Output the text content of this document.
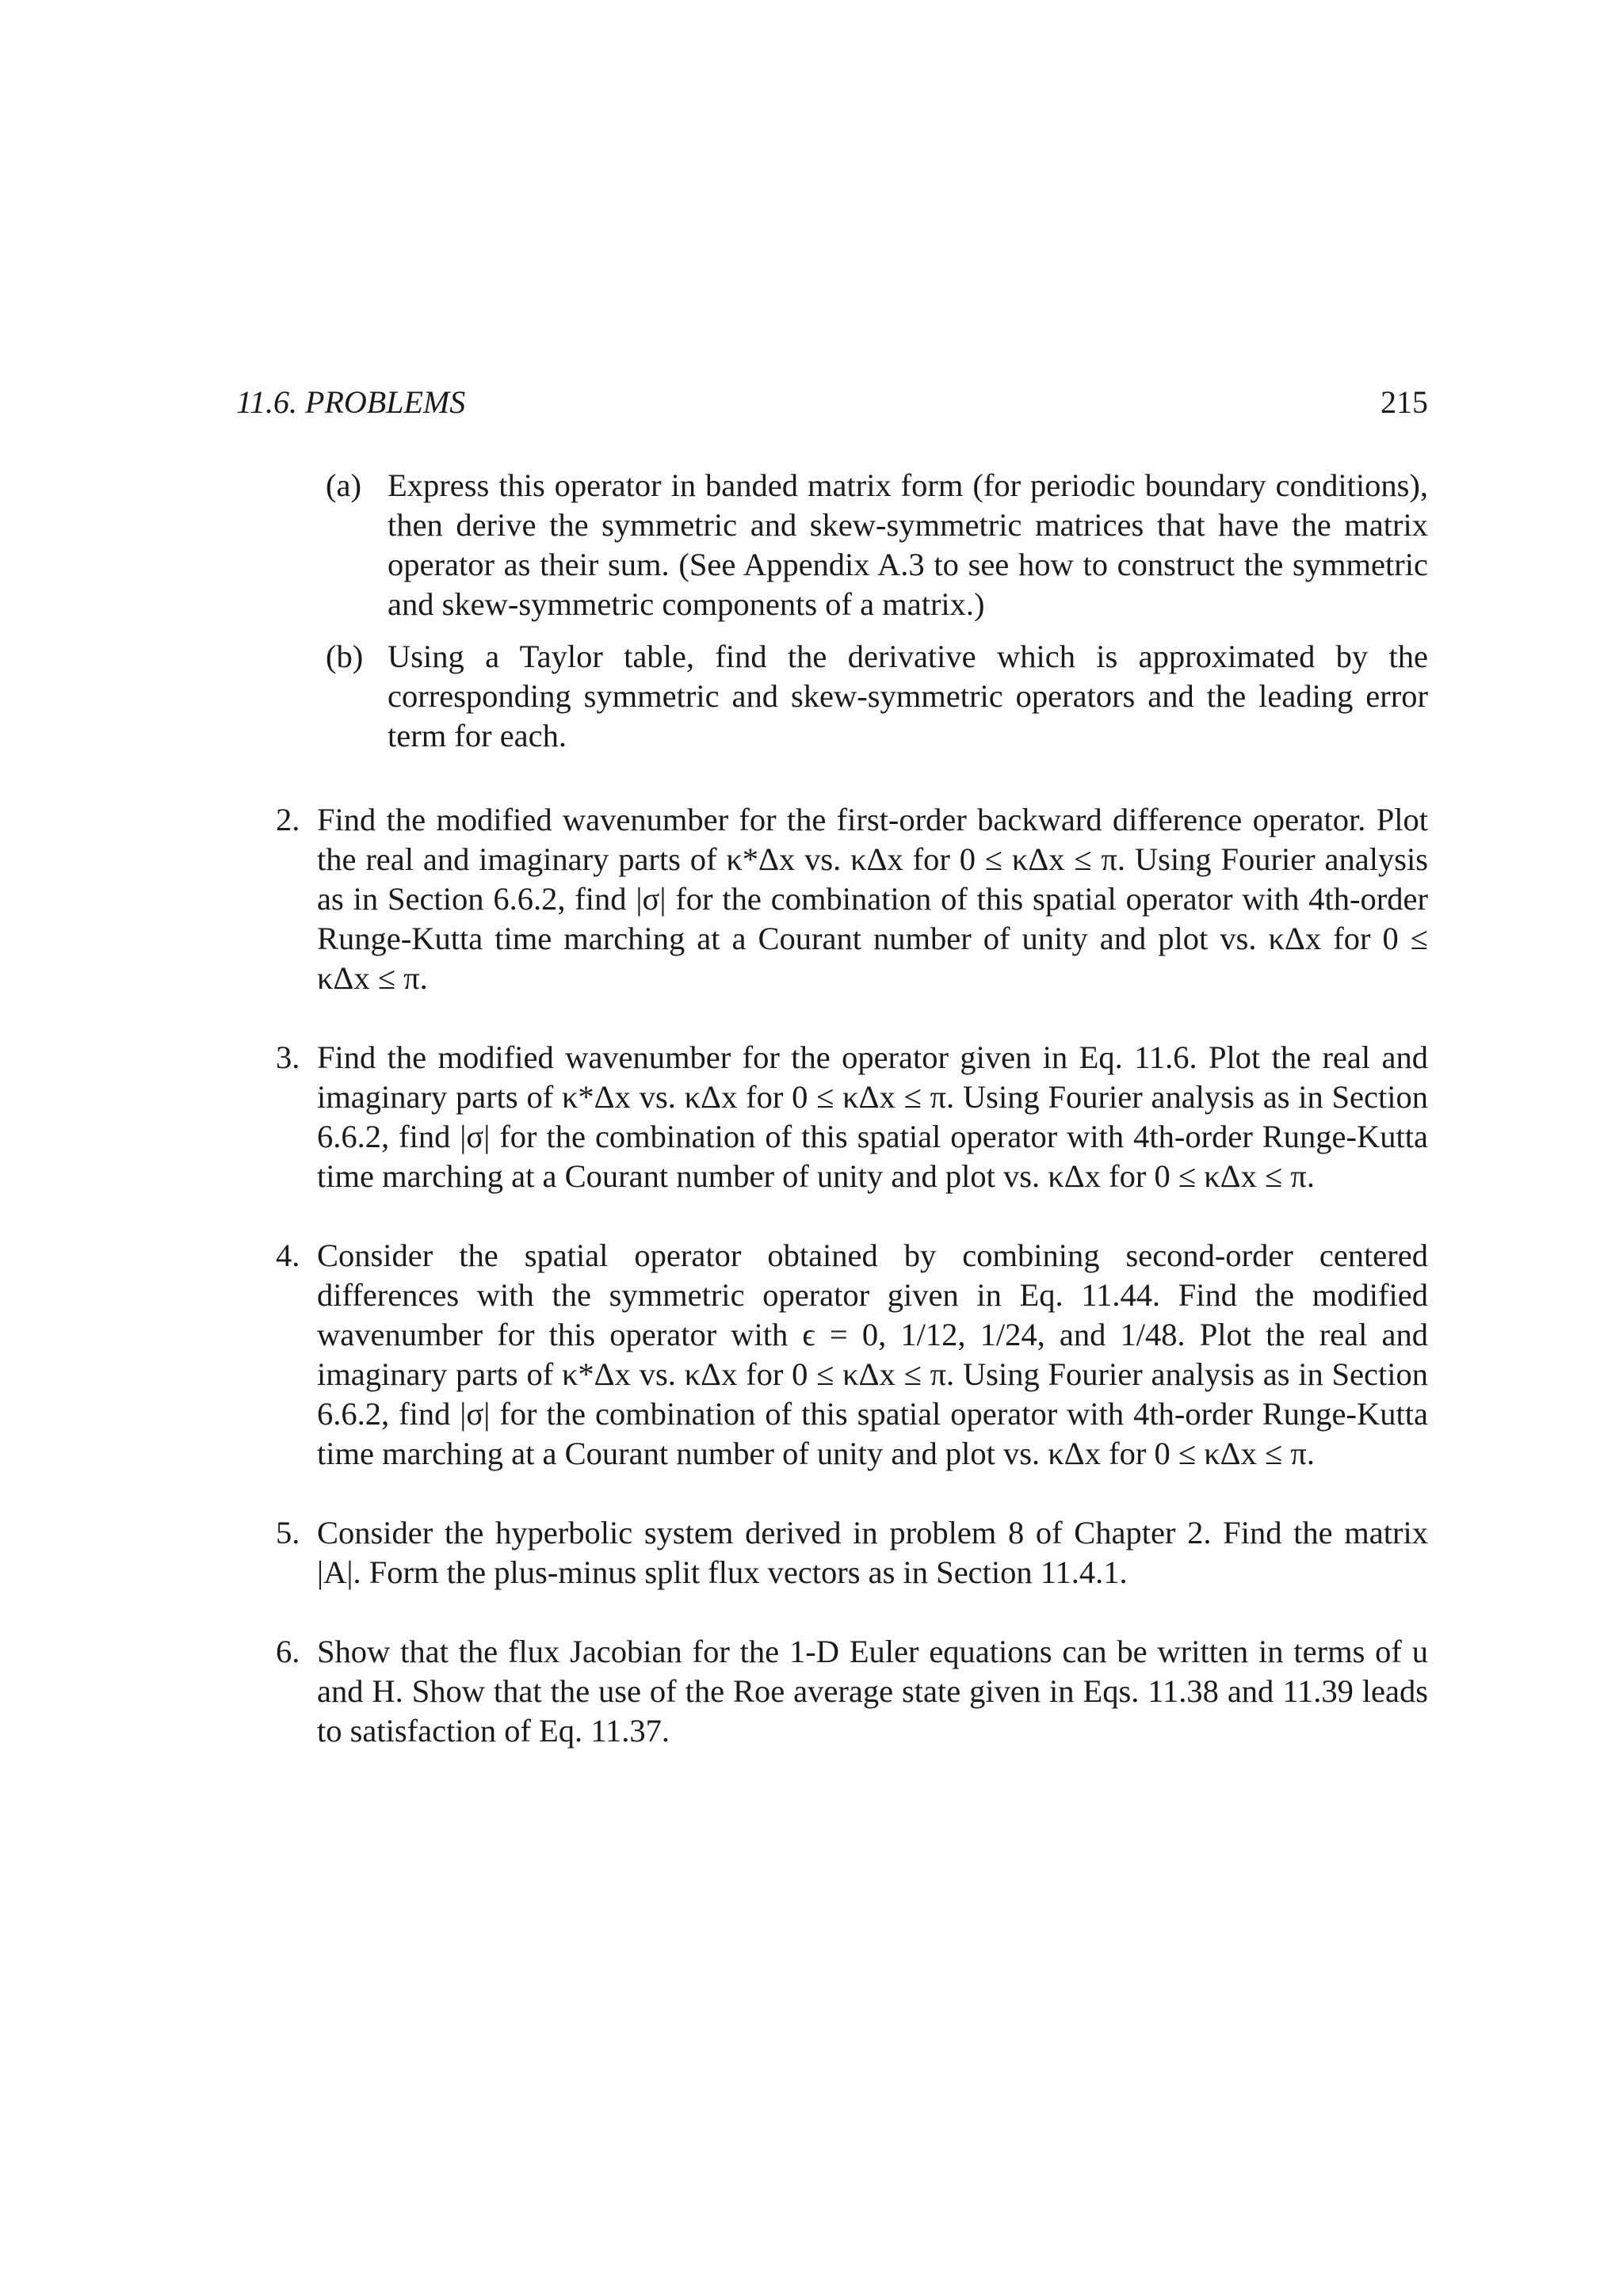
11.6. PROBLEMS	215
(a) Express this operator in banded matrix form (for periodic boundary conditions), then derive the symmetric and skew-symmetric matrices that have the matrix operator as their sum. (See Appendix A.3 to see how to construct the symmetric and skew-symmetric components of a matrix.)

(b) Using a Taylor table, find the derivative which is approximated by the corresponding symmetric and skew-symmetric operators and the leading error term for each.

2. Find the modified wavenumber for the first-order backward difference operator. Plot the real and imaginary parts of κ*Δx vs. κΔx for 0 ≤ κΔx ≤ π. Using Fourier analysis as in Section 6.6.2, find |σ| for the combination of this spatial operator with 4th-order Runge-Kutta time marching at a Courant number of unity and plot vs. κΔx for 0 ≤ κΔx ≤ π.

3. Find the modified wavenumber for the operator given in Eq. 11.6. Plot the real and imaginary parts of κ*Δx vs. κΔx for 0 ≤ κΔx ≤ π. Using Fourier analysis as in Section 6.6.2, find |σ| for the combination of this spatial operator with 4th-order Runge-Kutta time marching at a Courant number of unity and plot vs. κΔx for 0 ≤ κΔx ≤ π.

4. Consider the spatial operator obtained by combining second-order centered differences with the symmetric operator given in Eq. 11.44. Find the modified wavenumber for this operator with ϵ = 0, 1/12, 1/24, and 1/48. Plot the real and imaginary parts of κ*Δx vs. κΔx for 0 ≤ κΔx ≤ π. Using Fourier analysis as in Section 6.6.2, find |σ| for the combination of this spatial operator with 4th-order Runge-Kutta time marching at a Courant number of unity and plot vs. κΔx for 0 ≤ κΔx ≤ π.

5. Consider the hyperbolic system derived in problem 8 of Chapter 2. Find the matrix |A|. Form the plus-minus split flux vectors as in Section 11.4.1.

6. Show that the flux Jacobian for the 1-D Euler equations can be written in terms of u and H. Show that the use of the Roe average state given in Eqs. 11.38 and 11.39 leads to satisfaction of Eq. 11.37.
